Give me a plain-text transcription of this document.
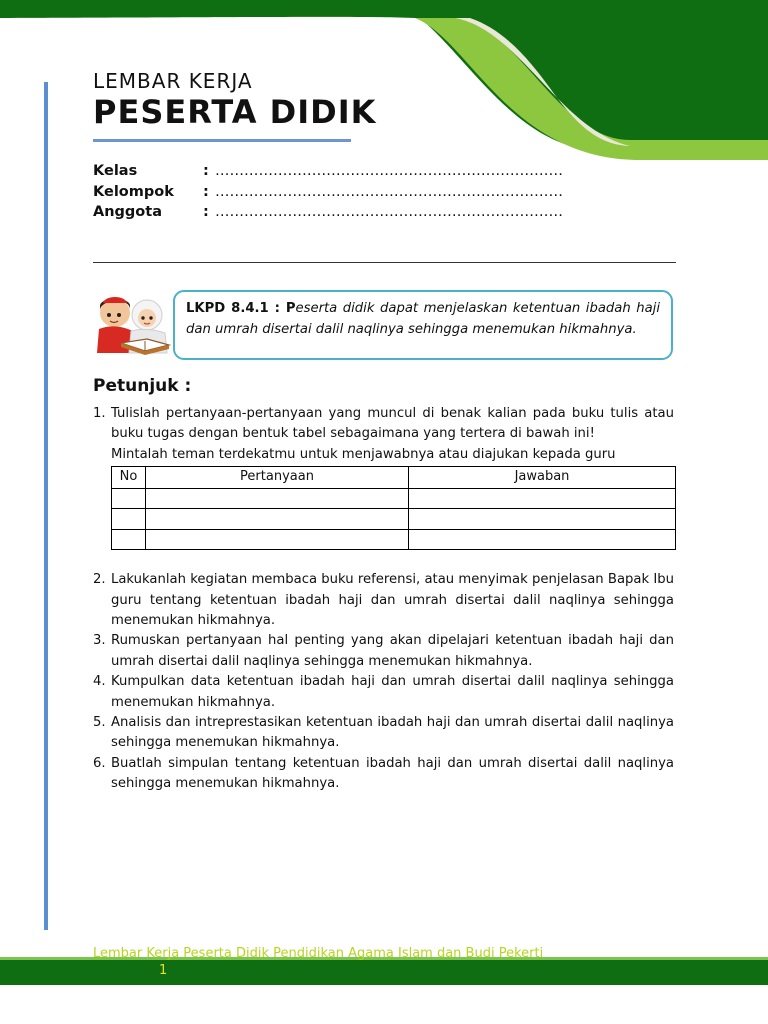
LEMBAR KERJA
PESERTA DIDIK
Kelas	: ………………………………………………………………
Kelompok	: ………………………………………………………………
Anggota	: ………………………………………………………………
LKPD 8.4.1 : Peserta didik dapat menjelaskan ketentuan ibadah haji dan umrah disertai dalil naqlinya sehingga menemukan hikmahnya.
Petunjuk :
1. Tulislah pertanyaan-pertanyaan yang muncul di benak kalian pada buku tulis atau buku tugas dengan bentuk tabel sebagaimana yang tertera di bawah ini!
Mintalah teman terdekatmu untuk menjawabnya atau diajukan kepada guru
No	Pertanyaan	Jawaban

2. Lakukanlah kegiatan membaca buku referensi, atau menyimak penjelasan Bapak Ibu guru tentang ketentuan ibadah haji dan umrah disertai dalil naqlinya sehingga menemukan hikmahnya.
3. Rumuskan pertanyaan hal penting yang akan dipelajari ketentuan ibadah haji dan umrah disertai dalil naqlinya sehingga menemukan hikmahnya.
4. Kumpulkan data ketentuan ibadah haji dan umrah disertai dalil naqlinya sehingga menemukan hikmahnya.
5. Analisis dan intreprestasikan ketentuan ibadah haji dan umrah disertai dalil naqlinya sehingga menemukan hikmahnya.
6. Buatlah simpulan tentang ketentuan ibadah haji dan umrah disertai dalil naqlinya sehingga menemukan hikmahnya.
Lembar Kerja Peserta Didik Pendidikan Agama Islam dan Budi Pekerti
1
